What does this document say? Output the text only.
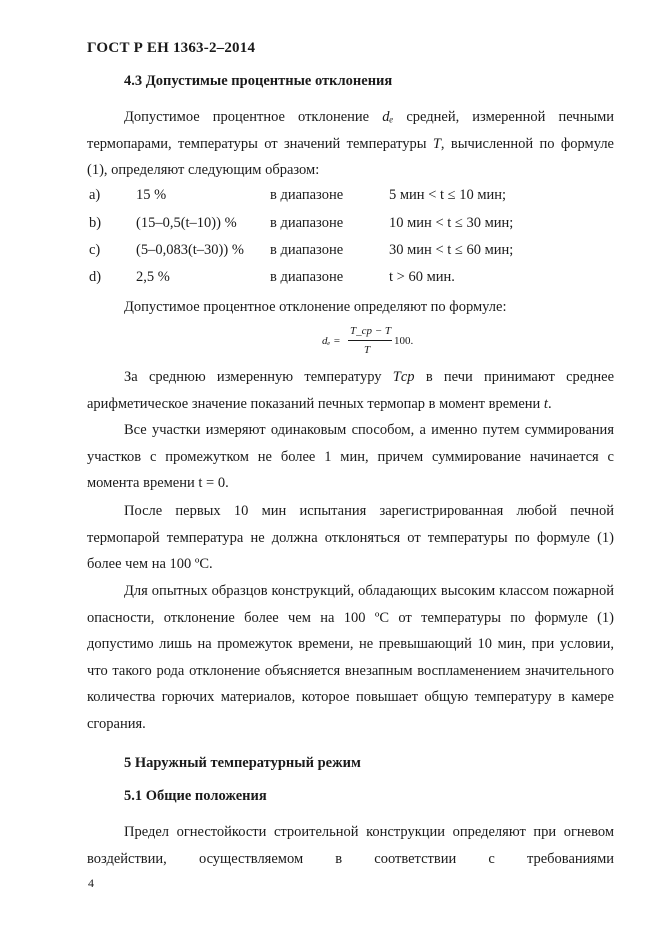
ГОСТ Р ЕН 1363-2–2014
4.3 Допустимые процентные отклонения
Допустимое процентное отклонение dₑ средней, измеренной печными термопарами, температуры от значений температуры T, вычисленной по формуле (1), определяют следующим образом:
a) 15 %	в диапазоне	5 мин < t ≤ 10 мин;
b) (15–0,5(t–10)) % в диапазоне	10 мин < t ≤ 30 мин;
c) (5–0,083(t–30)) % в диапазоне	30 мин < t ≤ 60 мин;
d) 2,5 %	в диапазоне	t > 60 мин.
Допустимое процентное отклонение определяют по формуле:
dₑ =
T_ср − T
T
100.
За среднюю измеренную температуру Tср в печи принимают среднее арифметическое значение показаний печных термопар в момент времени t.
Все участки измеряют одинаковым способом, а именно путем суммирования участков с промежутком не более 1 мин, причем суммирование начинается с момента времени t = 0.
После первых 10 мин испытания зарегистрированная любой печной термопарой температура не должна отклоняться от температуры по формуле (1) более чем на 100 ºС.
Для опытных образцов конструкций, обладающих высоким классом пожарной опасности, отклонение более чем на 100 ºС от температуры по формуле (1) допустимо лишь на промежуток времени, не превышающий 10 мин, при условии, что такого рода отклонение объясняется внезапным воспламенением значительного количества горючих материалов, которое повышает общую температуру в камере сгорания.
5 Наружный температурный режим
5.1 Общие положения
Предел огнестойкости строительной конструкции определяют при огневом воздействии, осуществляемом в соответствии с требованиями
4
